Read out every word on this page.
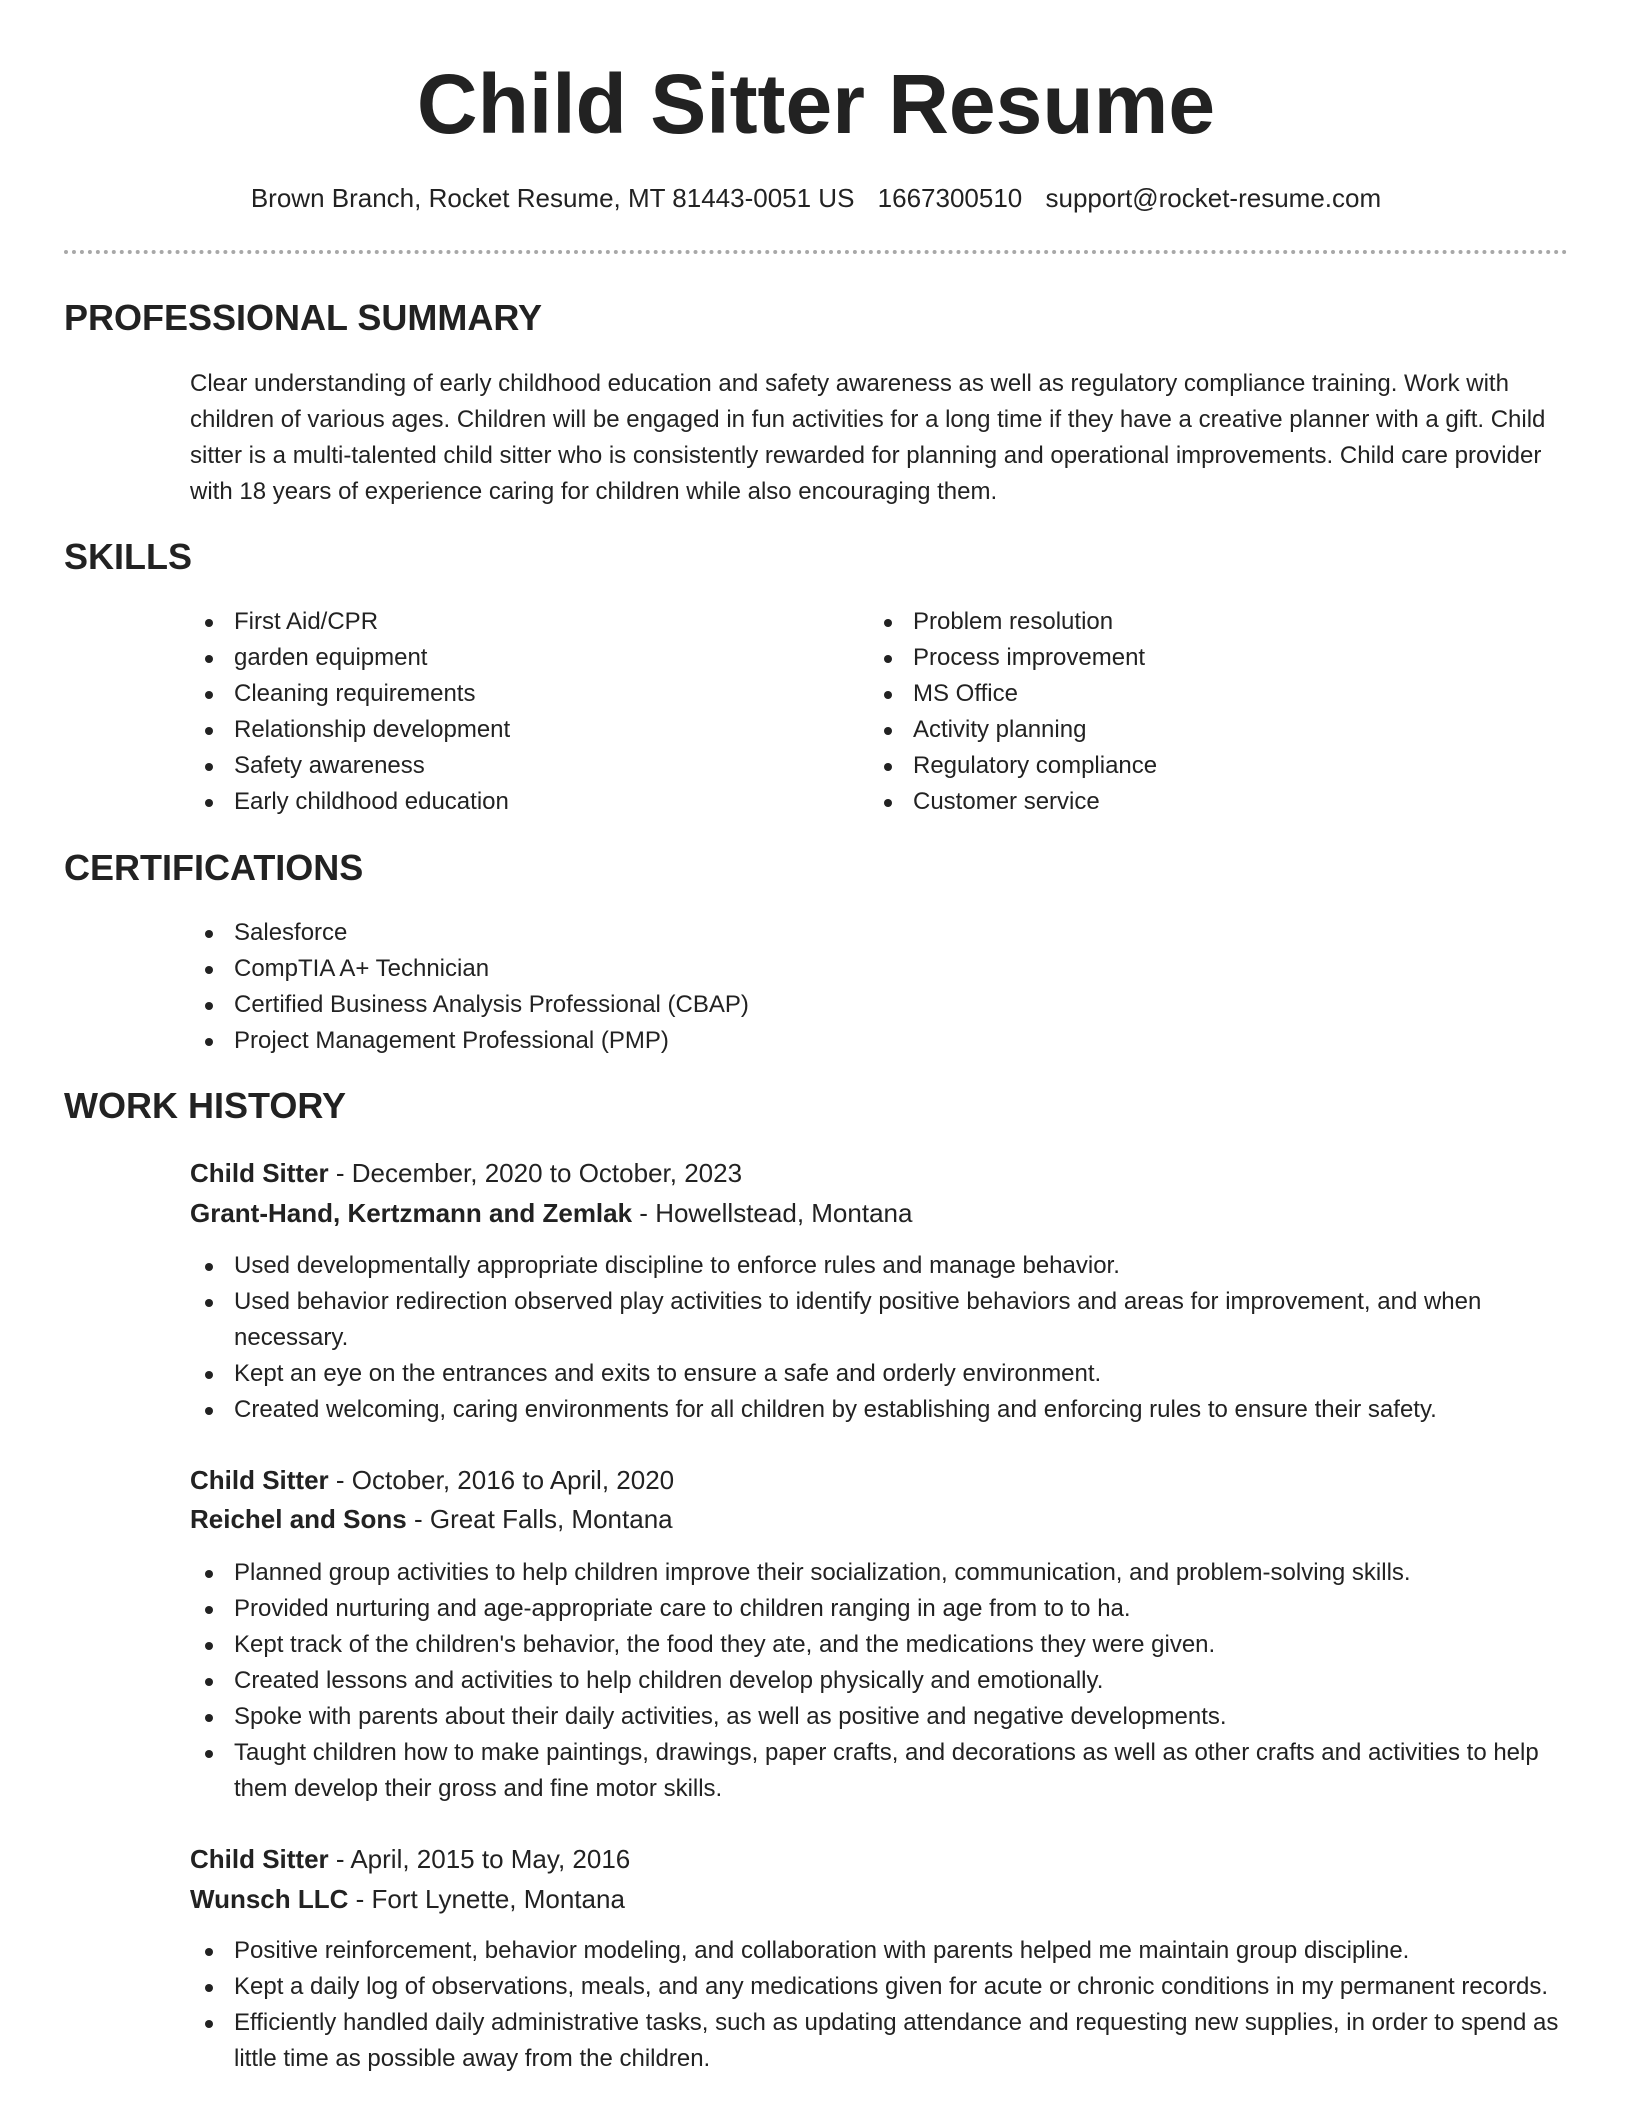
Child Sitter Resume
Brown Branch, Rocket Resume, MT 81443-0051 US 1667300510 support@rocket-resume.com
PROFESSIONAL SUMMARY

Clear understanding of early childhood education and safety awareness as well as regulatory compliance training. Work with children of various ages. Children will be engaged in fun activities for a long time if they have a creative planner with a gift. Child sitter is a multi-talented child sitter who is consistently rewarded for planning and operational improvements. Child care provider with 18 years of experience caring for children while also encouraging them.

SKILLS
First Aid/CPR
garden equipment
Cleaning requirements
Relationship development
Safety awareness
Early childhood education
Problem resolution
Process improvement
MS Office
Activity planning
Regulatory compliance
Customer service
CERTIFICATIONS
Salesforce
CompTIA A+ Technician
Certified Business Analysis Professional (CBAP)
Project Management Professional (PMP)
WORK HISTORY
Child Sitter - December, 2020 to October, 2023
Grant-Hand, Kertzmann and Zemlak - Howellstead, Montana
Used developmentally appropriate discipline to enforce rules and manage behavior.
Used behavior redirection observed play activities to identify positive behaviors and areas for improvement, and when necessary.
Kept an eye on the entrances and exits to ensure a safe and orderly environment.
Created welcoming, caring environments for all children by establishing and enforcing rules to ensure their safety.
Child Sitter - October, 2016 to April, 2020
Reichel and Sons - Great Falls, Montana
Planned group activities to help children improve their socialization, communication, and problem-solving skills.
Provided nurturing and age-appropriate care to children ranging in age from to to ha.
Kept track of the children's behavior, the food they ate, and the medications they were given.
Created lessons and activities to help children develop physically and emotionally.
Spoke with parents about their daily activities, as well as positive and negative developments.
Taught children how to make paintings, drawings, paper crafts, and decorations as well as other crafts and activities to help them develop their gross and fine motor skills.
Child Sitter - April, 2015 to May, 2016
Wunsch LLC - Fort Lynette, Montana
Positive reinforcement, behavior modeling, and collaboration with parents helped me maintain group discipline.
Kept a daily log of observations, meals, and any medications given for acute or chronic conditions in my permanent records.
Efficiently handled daily administrative tasks, such as updating attendance and requesting new supplies, in order to spend as little time as possible away from the children.
